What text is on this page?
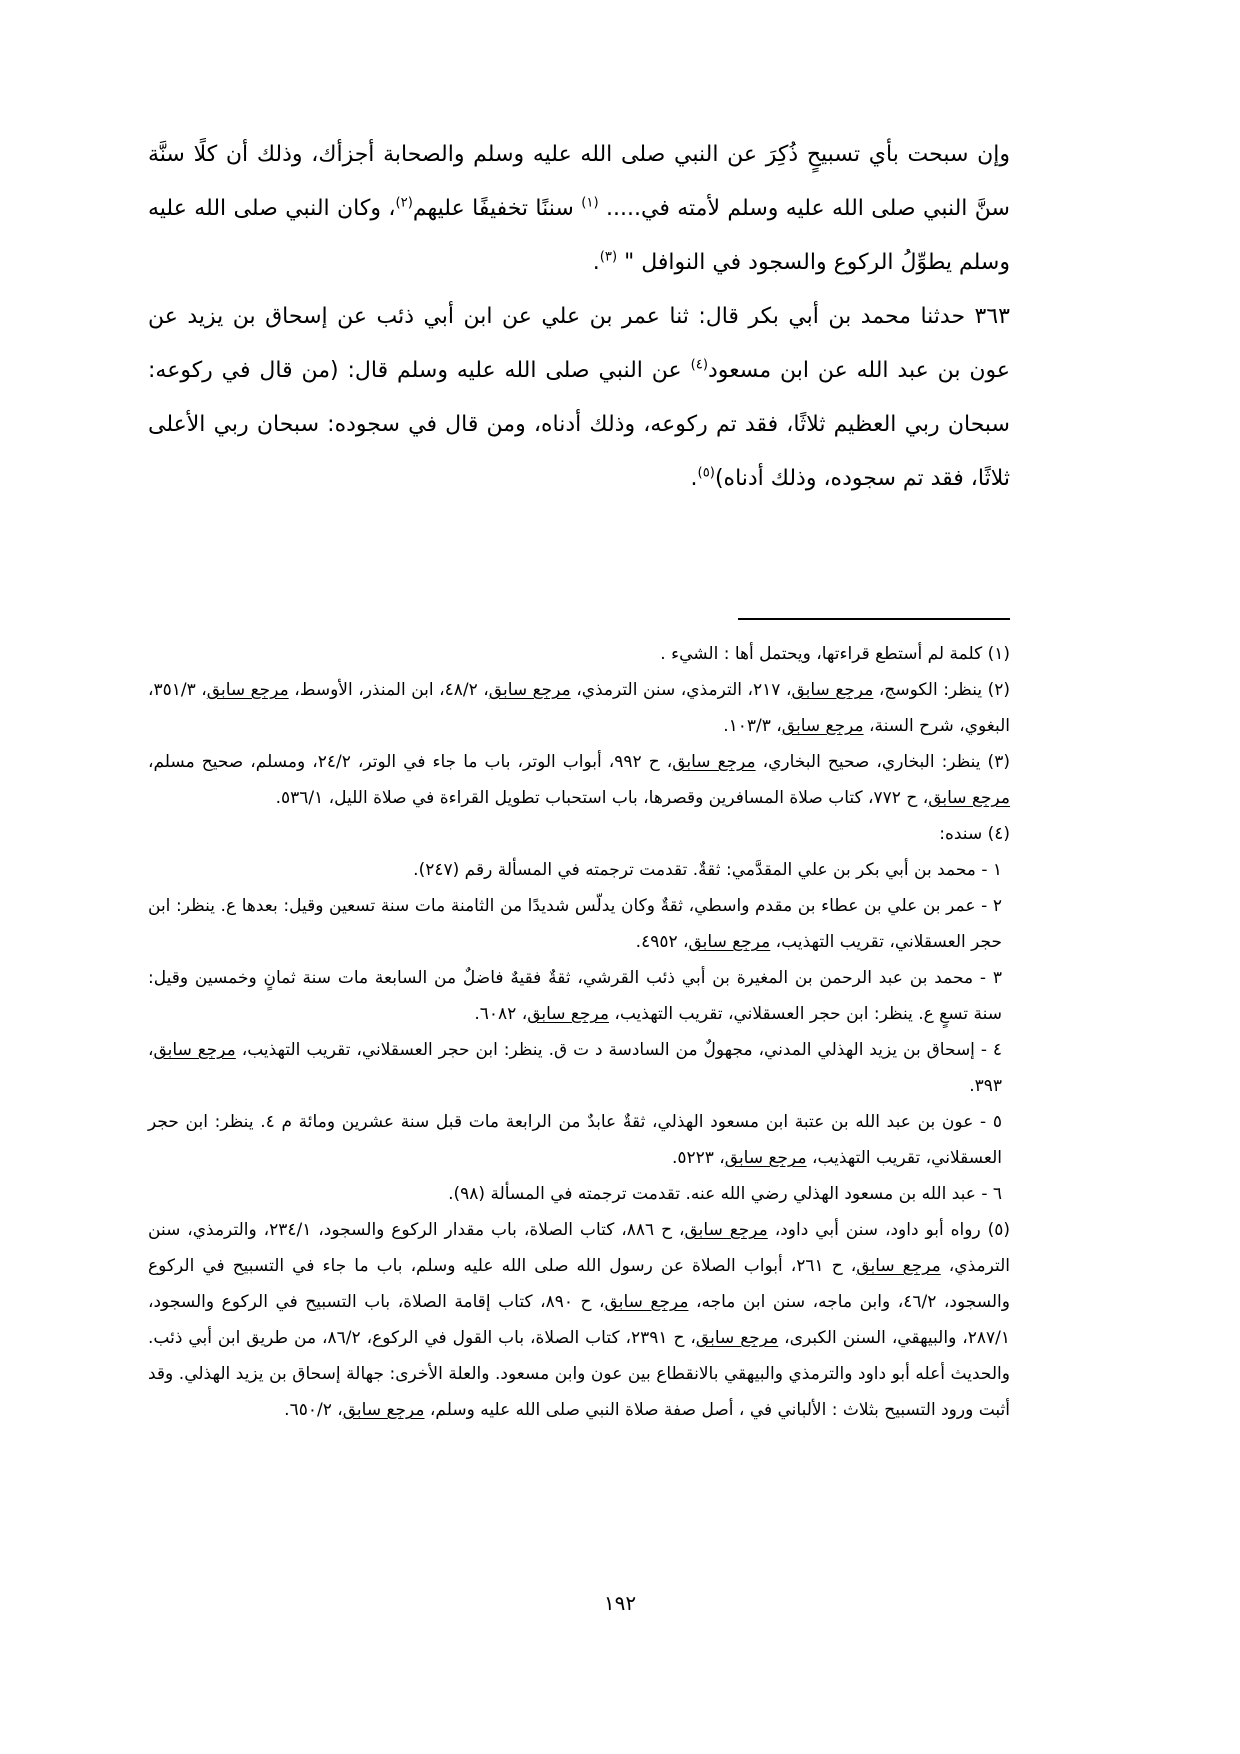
وإن سبحت بأي تسبيحٍ ذُكِرَ عن النبي صلى الله عليه وسلم والصحابة أجزأك، وذلك أن كلًا سنَّة سنَّ النبي صلى الله عليه وسلم لأمته في..... $^{(١)}$ سننًا تخفيفًا عليهم$^{(٢)}$، وكان النبي صلى الله عليه وسلم يطوِّلُ الركوع والسجود في النوافل " $^{(٣)}$.

٣٦٣ حدثنا محمد بن أبي بكر قال: ثنا عمر بن علي عن ابن أبي ذئب عن إسحاق بن يزيد عن عون بن عبد الله عن ابن مسعود$^{(٤)}$ عن النبي صلى الله عليه وسلم قال: (من قال في ركوعه: سبحان ربي العظيم ثلاثًا، فقد تم ركوعه، وذلك أدناه، ومن قال في سجوده: سبحان ربي الأعلى ثلاثًا، فقد تم سجوده، وذلك أدناه)$^{(٥)}$.

(١) كلمة لم أستطع قراءتها، ويحتمل أها : الشيء .

(٢) ينظر: الكوسج، مرجع سابق، ٢١٧، الترمذي، سنن الترمذي، مرجع سابق، ٤٨/٢، ابن المنذر، الأوسط، مرجع سابق، ٣٥١/٣، البغوي، شرح السنة، مرجع سابق، ١٠٣/٣.

(٣) ينظر: البخاري، صحيح البخاري، مرجع سابق، ح ٩٩٢، أبواب الوتر، باب ما جاء في الوتر، ٢٤/٢، ومسلم، صحيح مسلم، مرجع سابق، ح ٧٧٢، كتاب صلاة المسافرين وقصرها، باب استحباب تطويل القراءة في صلاة الليل، ٥٣٦/١.

(٤) سنده:

١ - محمد بن أبي بكر بن علي المقدَّمي: ثقةٌ. تقدمت ترجمته في المسألة رقم (٢٤٧).

٢ - عمر بن علي بن عطاء بن مقدم واسطي، ثقةٌ وكان يدلّس شديدًا من الثامنة مات سنة تسعين وقيل: بعدها ع. ينظر: ابن حجر العسقلاني، تقريب التهذيب، مرجع سابق، ٤٩٥٢.

٣ - محمد بن عبد الرحمن بن المغيرة بن أبي ذئب القرشي، ثقةٌ فقيهٌ فاضلٌ من السابعة مات سنة ثمانٍ وخمسين وقيل: سنة تسعٍ ع. ينظر: ابن حجر العسقلاني، تقريب التهذيب، مرجع سابق، ٦٠٨٢.

٤ - إسحاق بن يزيد الهذلي المدني، مجهولٌ من السادسة د ت ق. ينظر: ابن حجر العسقلاني، تقريب التهذيب، مرجع سابق، ٣٩٣.

٥ - عون بن عبد الله بن عتبة ابن مسعود الهذلي، ثقةٌ عابدٌ من الرابعة مات قبل سنة عشرين ومائة م ٤. ينظر: ابن حجر العسقلاني، تقريب التهذيب، مرجع سابق، ٥٢٢٣.

٦ - عبد الله بن مسعود الهذلي رضي الله عنه. تقدمت ترجمته في المسألة (٩٨).

(٥) رواه أبو داود، سنن أبي داود، مرجع سابق، ح ٨٨٦، كتاب الصلاة، باب مقدار الركوع والسجود، ٢٣٤/١، والترمذي، سنن الترمذي، مرجع سابق، ح ٢٦١، أبواب الصلاة عن رسول الله صلى الله عليه وسلم، باب ما جاء في التسبيح في الركوع والسجود، ٤٦/٢، وابن ماجه، سنن ابن ماجه، مرجع سابق، ح ٨٩٠، كتاب إقامة الصلاة، باب التسبيح في الركوع والسجود، ٢٨٧/١، والبيهقي، السنن الكبرى، مرجع سابق، ح ٢٣٩١، كتاب الصلاة، باب القول في الركوع، ٨٦/٢، من طريق ابن أبي ذئب. والحديث أعله أبو داود والترمذي والبيهقي بالانقطاع بين عون وابن مسعود. والعلة الأخرى: جهالة إسحاق بن يزيد الهذلي. وقد أثبت ورود التسبيح بثلاث : الألباني في ، أصل صفة صلاة النبي صلى الله عليه وسلم، مرجع سابق، ٦٥٠/٢.

١٩٢
